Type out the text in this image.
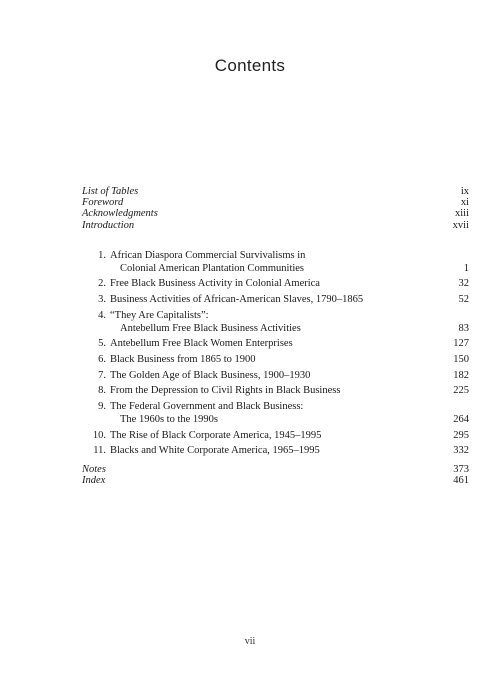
Contents
List of Tables	ix
Foreword	xi
Acknowledgments	xiii
Introduction	xvii
1. African Diaspora Commercial Survivalisms in
Colonial American Plantation Communities	1
2. Free Black Business Activity in Colonial America	32
3. Business Activities of African-American Slaves, 1790–1865	52
4. “They Are Capitalists”:
Antebellum Free Black Business Activities	83
5. Antebellum Free Black Women Enterprises	127
6. Black Business from 1865 to 1900	150
7. The Golden Age of Black Business, 1900–1930	182
8. From the Depression to Civil Rights in Black Business	225
9. The Federal Government and Black Business:
The 1960s to the 1990s	264
10. The Rise of Black Corporate America, 1945–1995	295
11. Blacks and White Corporate America, 1965–1995	332
Notes	373
Index	461
vii
